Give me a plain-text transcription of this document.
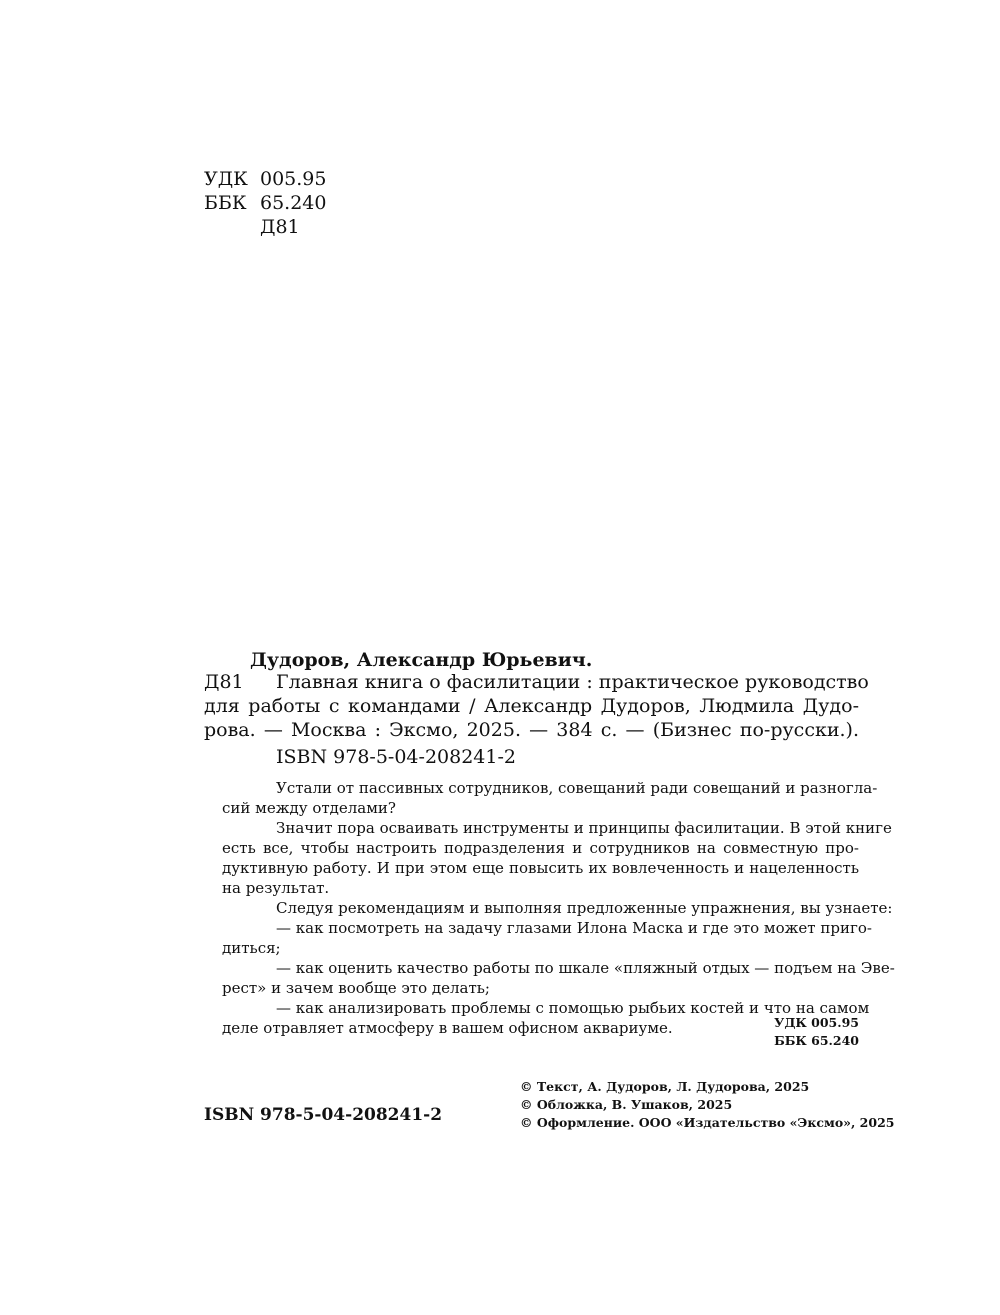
УДК 005.95
ББК 65.240
Д81
Дудоров, Александр Юрьевич.
Д81 Главная книга о фасилитации : практическое руководство
для работы с командами / Александр Дудоров, Людмила Дудо-
рова. — Москва : Эксмо, 2025. — 384 с. — (Бизнес по-русски.).
ISBN 978-5-04-208241-2
Устали от пассивных сотрудников, совещаний ради совещаний и разногла-
сий между отделами?
Значит пора осваивать инструменты и принципы фасилитации. В этой книге
есть все, чтобы настроить подразделения и сотрудников на совместную про-
дуктивную работу. И при этом еще повысить их вовлеченность и нацеленность
на результат.
Следуя рекомендациям и выполняя предложенные упражнения, вы узнаете:
— как посмотреть на задачу глазами Илона Маска и где это может приго-
диться;
— как оценить качество работы по шкале «пляжный отдых — подъем на Эве-
рест» и зачем вообще это делать;
— как анализировать проблемы с помощью рыбьих костей и что на самом
деле отравляет атмосферу в вашем офисном аквариуме.	УДК 005.95
ББК 65.240
ISBN 978-5-04-208241-2
© Текст, А. Дудоров, Л. Дудорова, 2025
© Обложка, В. Ушаков, 2025
© Оформление. ООО «Издательство «Эксмо», 2025
